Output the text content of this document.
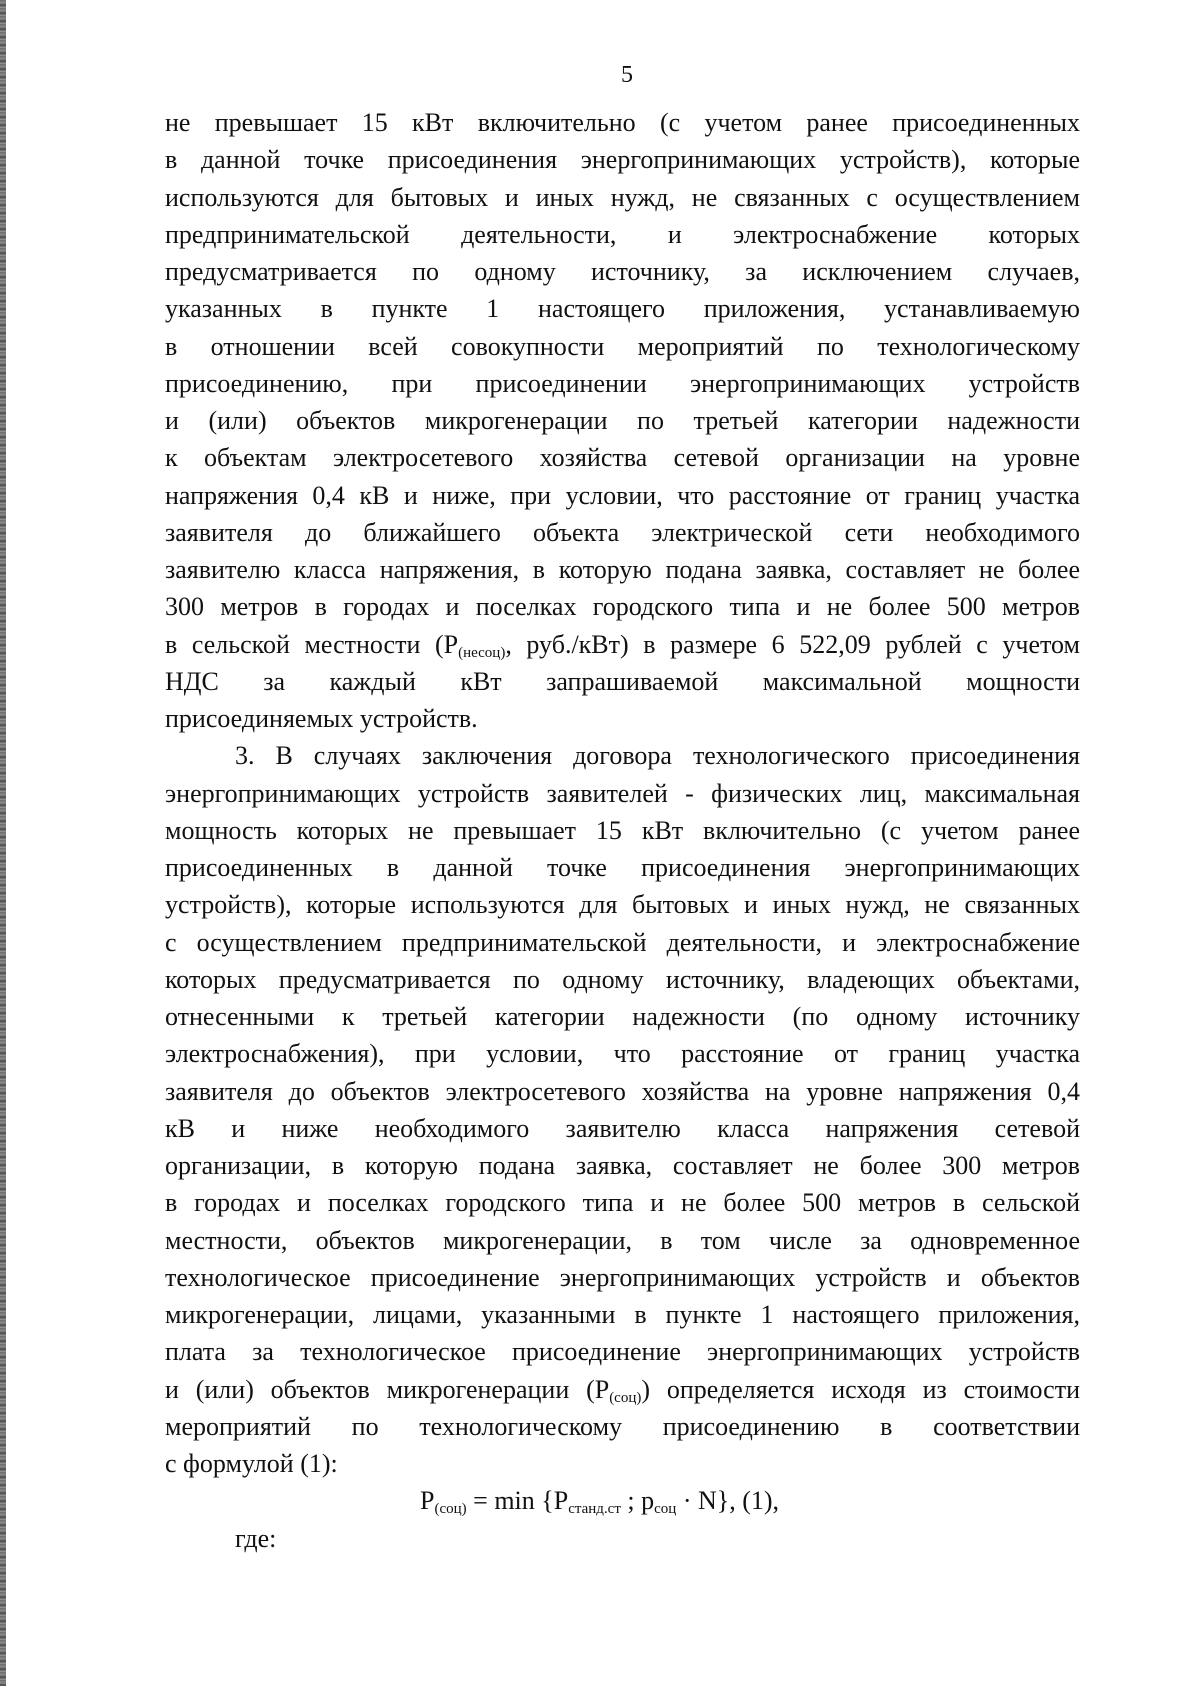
5
не превышает 15 кВт включительно (с учетом ранее присоединенных
в данной точке присоединения энергопринимающих устройств), которые
используются для бытовых и иных нужд, не связанных с осуществлением
предпринимательской деятельности, и электроснабжение которых
предусматривается по одному источнику, за исключением случаев,
указанных в пункте 1 настоящего приложения, устанавливаемую
в отношении всей совокупности мероприятий по технологическому
присоединению, при присоединении энергопринимающих устройств
и (или) объектов микрогенерации по третьей категории надежности
к объектам электросетевого хозяйства сетевой организации на уровне
напряжения 0,4 кВ и ниже, при условии, что расстояние от границ участка
заявителя до ближайшего объекта электрической сети необходимого
заявителю класса напряжения, в которую подана заявка, составляет не более
300 метров в городах и поселках городского типа и не более 500 метров
в сельской местности ($Р_{(несоц)}$, руб./кВт) в размере 6 522,09 рублей с учетом
НДС за каждый кВт запрашиваемой максимальной мощности
присоединяемых устройств.
3. В случаях заключения договора технологического присоединения
энергопринимающих устройств заявителей - физических лиц, максимальная
мощность которых не превышает 15 кВт включительно (с учетом ранее
присоединенных в данной точке присоединения энергопринимающих
устройств), которые используются для бытовых и иных нужд, не связанных
с осуществлением предпринимательской деятельности, и электроснабжение
которых предусматривается по одному источнику, владеющих объектами,
отнесенными к третьей категории надежности (по одному источнику
электроснабжения), при условии, что расстояние от границ участка
заявителя до объектов электросетевого хозяйства на уровне напряжения 0,4
кВ и ниже необходимого заявителю класса напряжения сетевой
организации, в которую подана заявка, составляет не более 300 метров
в городах и поселках городского типа и не более 500 метров в сельской
местности, объектов микрогенерации, в том числе за одновременное
технологическое присоединение энергопринимающих устройств и объектов
микрогенерации, лицами, указанными в пункте 1 настоящего приложения,
плата за технологическое присоединение энергопринимающих устройств
и (или) объектов микрогенерации $(Р_{(соц)})$ определяется исходя из стоимости
мероприятий по технологическому присоединению в соответствии
с формулой (1):
$Р_{(соц)} = \min \{Р_{станд.ст}$ ; $p_{соц} \cdot N$}, (1),
где:
